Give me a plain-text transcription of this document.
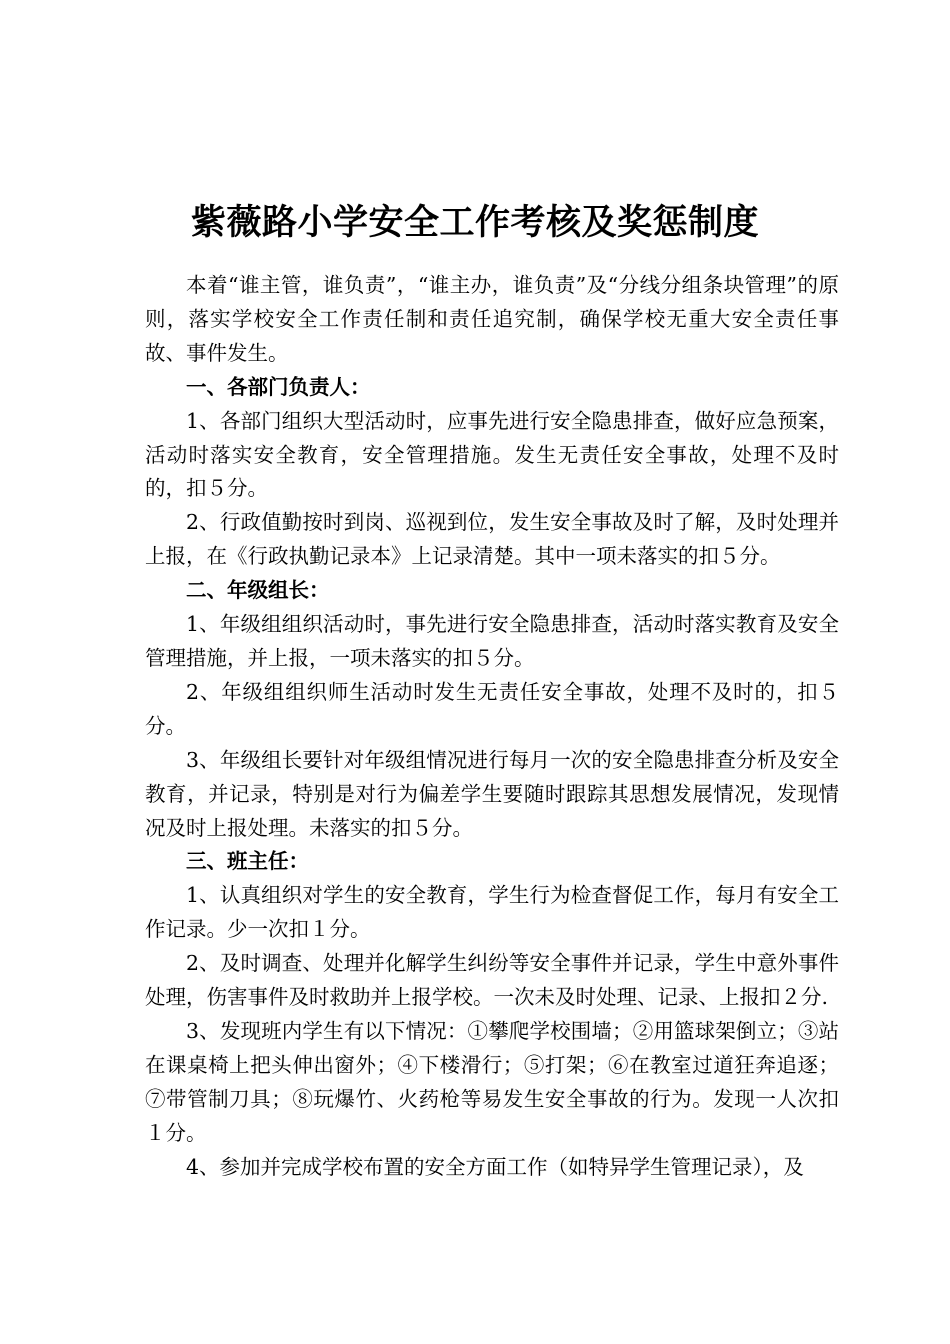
紫薇路小学安全工作考核及奖惩制度

本着“谁主管，谁负责”，“谁主办，谁负责”及“分线分组条块管理”的原则，落实学校安全工作责任制和责任追究制，确保学校无重大安全责任事故、事件发生。

一、各部门负责人：

1、各部门组织大型活动时，应事先进行安全隐患排查，做好应急预案，活动时落实安全教育，安全管理措施。发生无责任安全事故，处理不及时的，扣５分。

2、行政值勤按时到岗、巡视到位，发生安全事故及时了解，及时处理并上报，在《行政执勤记录本》上记录清楚。其中一项未落实的扣５分。

二、年级组长：

1、年级组组织活动时，事先进行安全隐患排查，活动时落实教育及安全管理措施，并上报，一项未落实的扣５分。

2、年级组组织师生活动时发生无责任安全事故，处理不及时的，扣５分。

3、年级组长要针对年级组情况进行每月一次的安全隐患排查分析及安全教育，并记录，特别是对行为偏差学生要随时跟踪其思想发展情况，发现情况及时上报处理。未落实的扣５分。

三、班主任：

1、认真组织对学生的安全教育，学生行为检查督促工作，每月有安全工作记录。少一次扣１分。

2、及时调查、处理并化解学生纠纷等安全事件并记录，学生中意外事件处理，伤害事件及时救助并上报学校。一次未及时处理、记录、上报扣２分.

3、发现班内学生有以下情况：①攀爬学校围墙；②用篮球架倒立；③站在课桌椅上把头伸出窗外；④下楼滑行；⑤打架；⑥在教室过道狂奔追逐；⑦带管制刀具；⑧玩爆竹、火药枪等易发生安全事故的行为。发现一人次扣１分。

4、参加并完成学校布置的安全方面工作（如特异学生管理记录），及
